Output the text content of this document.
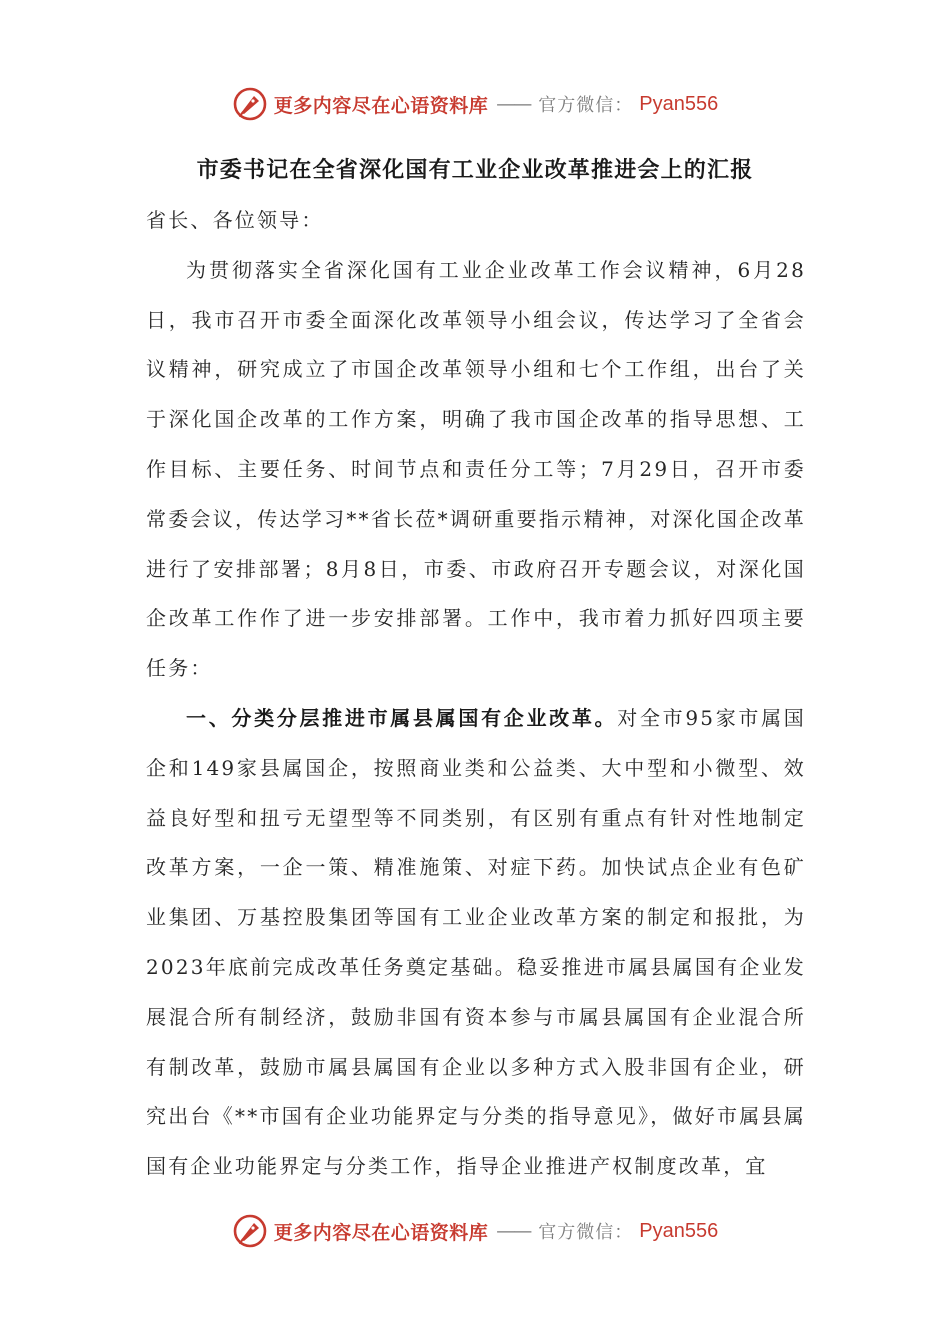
更多内容尽在心语资料库 —— 官方微信： Pyan556
市委书记在全省深化国有工业企业改革推进会上的汇报

省长、各位领导：

为贯彻落实全省深化国有工业企业改革工作会议精神，6月28日，我市召开市委全面深化改革领导小组会议，传达学习了全省会议精神，研究成立了市国企改革领导小组和七个工作组，出台了关于深化国企改革的工作方案，明确了我市国企改革的指导思想、工作目标、主要任务、时间节点和责任分工等；7月29日，召开市委常委会议，传达学习**省长莅*调研重要指示精神，对深化国企改革进行了安排部署；8月8日，市委、市政府召开专题会议，对深化国企改革工作作了进一步安排部署。工作中，我市着力抓好四项主要任务：

一、分类分层推进市属县属国有企业改革。对全市95家市属国企和149家县属国企，按照商业类和公益类、大中型和小微型、效益良好型和扭亏无望型等不同类别，有区别有重点有针对性地制定改革方案，一企一策、精准施策、对症下药。加快试点企业有色矿业集团、万基控股集团等国有工业企业改革方案的制定和报批，为2023年底前完成改革任务奠定基础。稳妥推进市属县属国有企业发展混合所有制经济，鼓励非国有资本参与市属县属国有企业混合所有制改革，鼓励市属县属国有企业以多种方式入股非国有企业，研究出台《**市国有企业功能界定与分类的指导意见》，做好市属县属国有企业功能界定与分类工作，指导企业推进产权制度改革，宜

更多内容尽在心语资料库 —— 官方微信： Pyan556
